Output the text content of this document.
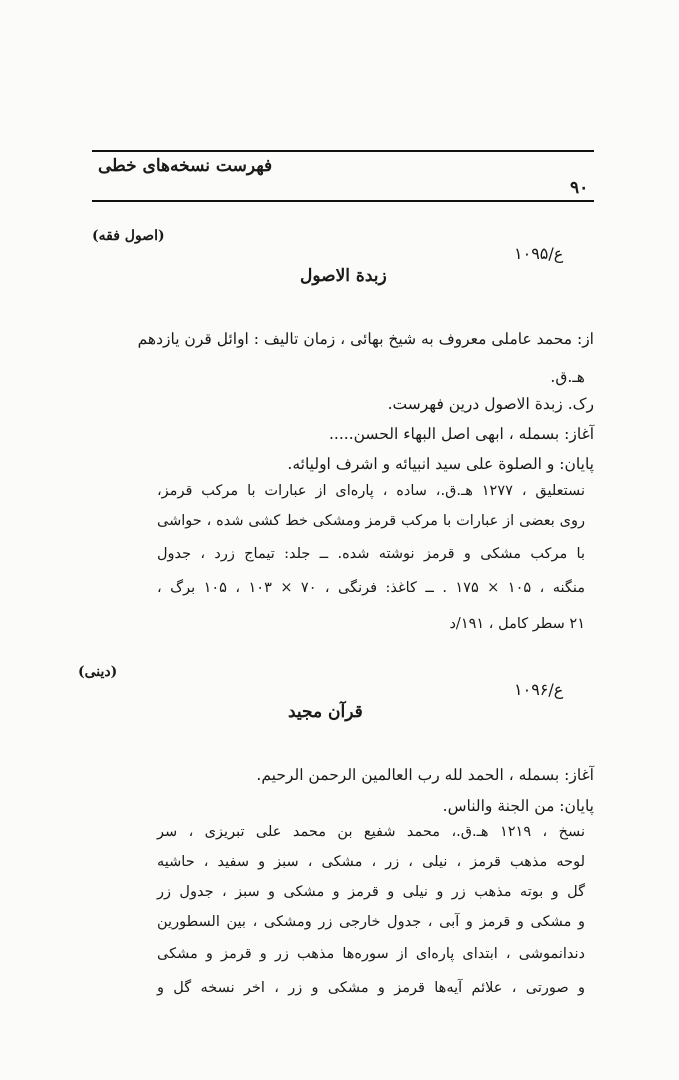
فهرست نسخه‌های خطی
۹۰
(اصول فقه)
۱۰۹۵/ع
زبدة الاصول
از: محمد عاملی معروف به شیخ بهائی ، زمان تالیف : اوائل قرن یازدهم
هـ.ق.
رک. زبدة الاصول درین فهرست.
آغاز: بسمله ، ابهی اصل البهاء الحسن.....
پایان: و الصلوة علی سید انبیائه و اشرف اولیائه.
نستعلیق ، ۱۲۷۷ هـ.ق.، ساده ، پاره‌ای از عبارات با مرکب قرمز،
روی بعضی از عبارات با مرکب قرمز ومشکی خط کشی شده ، حواشی
با مرکب مشکی و قرمز نوشته شده. ــ جلد: تیماج زرد ، جدول
منگنه ، ۱۰۵ × ۱۷۵ . ــ کاغذ: فرنگی ، ۷۰ × ۱۰۳ ، ۱۰۵ برگ ،
۲۱ سطر کامل ، ۱۹۱/د
(دینی)
۱۰۹۶/ع
قرآن مجید
آغاز: بسمله ، الحمد لله رب العالمین الرحمن الرحیم.
پایان: من الجنة والناس.
نسخ ، ۱۲۱۹ هـ.ق.، محمد شفیع بن محمد علی تبریزی ، سر
لوحه مذهب قرمز ، نیلی ، زر ، مشکی ، سبز و سفید ، حاشیه
گل و بوته مذهب زر و نیلی و قرمز و مشکی و سبز ، جدول زر
و مشکی و قرمز و آبی ، جدول خارجی زر ومشکی ، بین السطورین
دندانموشی ، ابتدای پاره‌ای از سوره‌ها مذهب زر و قرمز و مشکی
و صورتی ، علائم آیه‌ها قرمز و مشکی و زر ، اخر نسخه گل و
